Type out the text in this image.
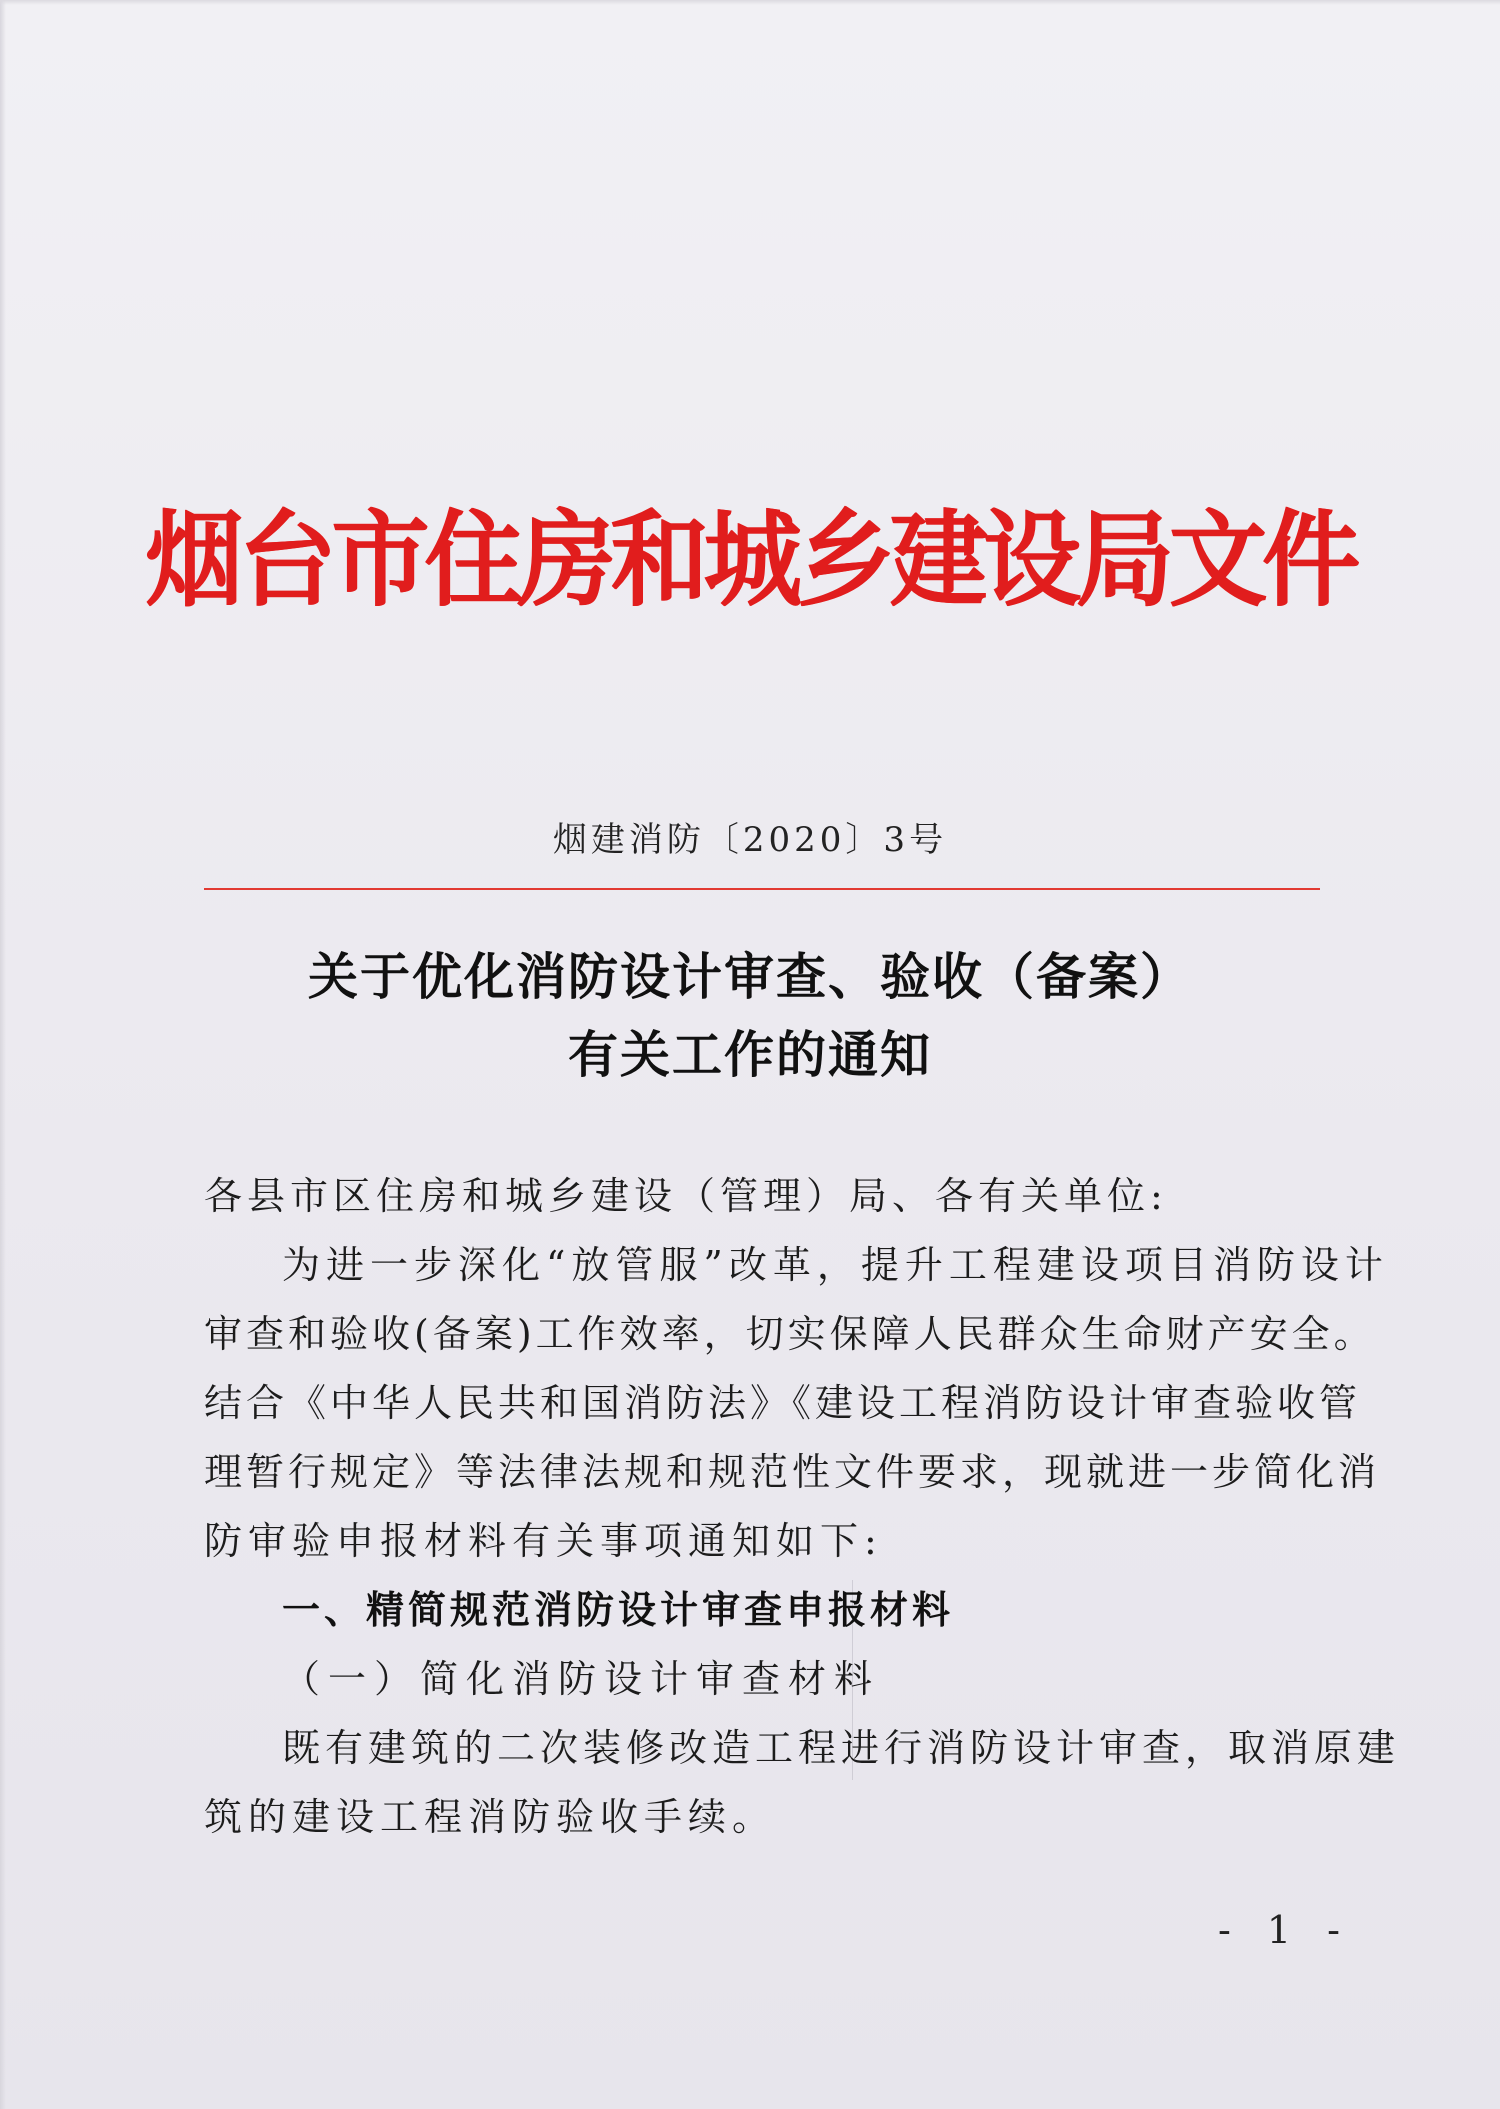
烟台市住房和城乡建设局文件
烟建消防〔2020〕3号
关于优化消防设计审查、验收（备案）
有关工作的通知
各县市区住房和城乡建设（管理）局、各有关单位:
为进一步深化“放管服”改革，提升工程建设项目消防设计
审查和验收(备案)工作效率，切实保障人民群众生命财产安全。
结合《中华人民共和国消防法》《建设工程消防设计审查验收管
理暂行规定》等法律法规和规范性文件要求，现就进一步简化消
防审验申报材料有关事项通知如下:
一、精简规范消防设计审查申报材料
（一）简化消防设计审查材料
既有建筑的二次装修改造工程进行消防设计审查，取消原建
筑的建设工程消防验收手续。
- 1 -
